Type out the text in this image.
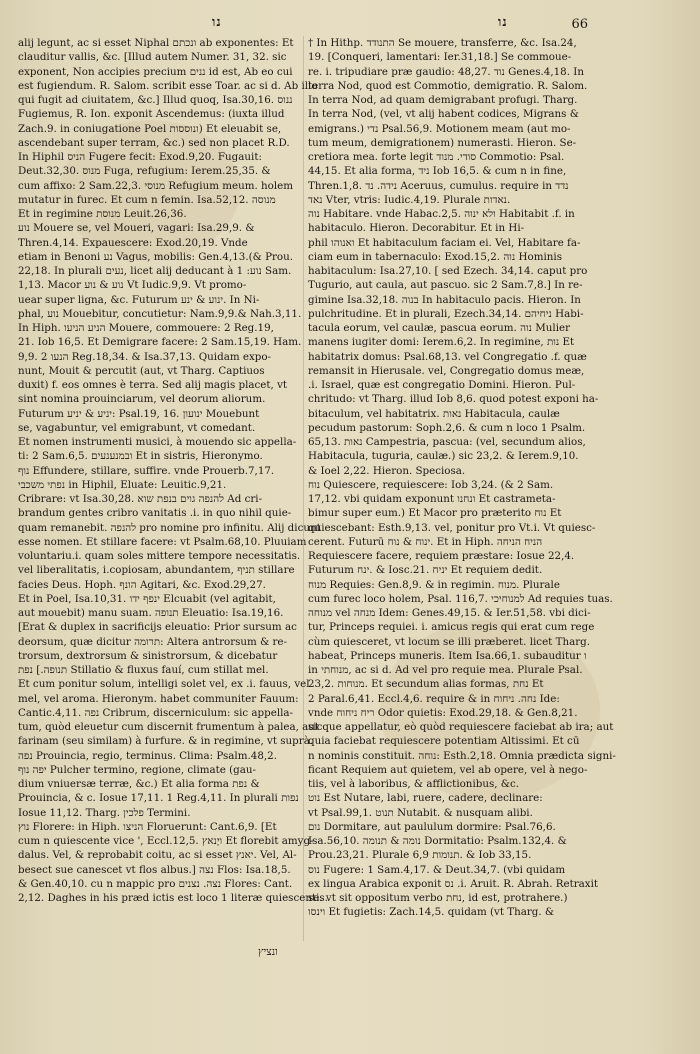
נו	נו	66
alij legunt, ac si esset Niphal ונכתם ab exponentes: Et
clauditur vallis, &c. [Illud autem Numer. 31, 32. sic
exponent, Non accipies precium ננים id est, Ab eo cui
est fugiendum. R. Salom. scribit esse Toar. ac si d. Ab illo
qui fugit ad ciuitatem, &c.] Illud quoq, Isa.30,16. ננוס
Fugiemus, R. Ion. exponit Ascendemus: (iuxta illud
Zach.9. in coniugatione Poel ונוססות) Et eleuabit se,
ascendebant super terram, &c.) sed non placet R.D.
In Hiphil הניס Fugere fecit: Exod.9,20. Fugauit:
Deut.32,30. מנוס Fuga, refugium: Ierem.25,35. &
cum affixo: 2 Sam.22,3. מנוסי Refugium meum. holem
mutatur in furec. Et cum n femin. Isa.52,12. מנוסה
Et in regimine מנוסת Leuit.26,36.
נוע Mouere se, vel Moueri, vagari: Isa.29,9. &
Thren.4,14. Expauescere: Exod.20,19. Vnde
etiam in Benoni נע Vagus, mobilis: Gen.4,13.(& Prou.
22,18. In plurali נעים, licet alij deducant à נוע: 1 Sam.
1,13. Macor נוע & נוע Vt Iudic.9,9. Vt promo-
uear super ligna, &c. Futurum ינוע & ינע. In Ni-
phal, נוע Mouebitur, concutietur: Nam.9,9.& Nah.3,11.
In Hiph. הניע הניעו Mouere, commouere: 2 Reg.19,
21. Iob 16,5. Et Demigrare facere: 2 Sam.15,19. Ham.
9,9. הנעו 2 Reg.18,34. & Isa.37,13. Quidam expo-
nunt, Mouit & percutit (aut, vt Tharg. Captiuos
duxit) f. eos omnes è terra. Sed alij magis placet, vt
sint nomina prouinciarum, vel deorum aliorum.
Futurum יניע & יניע: Psal.19, 16. ינועון Mouebunt
se, vagabuntur, vel emigrabunt, vt comedant.
Et nomen instrumenti musici, à mouendo sic appella-
ti: 2 Sam.6,5. ובמנענעים Et in sistris, Hieronymo.
נוף Effundere, stillare, suffire. vnde Prouerb.7,17.
נפתי משכבי in Hiphil, Eluate: Leuitic.9,21.
Cribrare: vt Isa.30,28. להנפה גוים בנפת שוא Ad cri-
brandum gentes cribro vanitatis .i. in quo nihil quie-
quam remanebit. להנפה pro nomine pro infinitu. Alij dicunt
esse nomen. Et stillare facere: vt Psalm.68,10. Pluuiam
voluntariu.i. quam soles mittere tempore necessitatis.
vel liberalitatis, i.copiosam, abundantem, תניף stillare
facies Deus. Hoph. הונף Agitari, &c. Exod.29,27.
Et in Poel, Isa.10,31. ינפף ידו Elcuabit (vel agitabit,
aut mouebit) manu suam. תנופה Eleuatio: Isa.19,16.
[Erat & duplex in sacrificijs eleuatio: Prior sursum ac
deorsum, quæ dicitur תרומה: Altera antrorsum & re-
trorsum, dextrorsum & sinistrorsum, & dicebatur
תנופה.] נפת Stillatio & fluxus fauí, cum stillat mel.
Et cum ponitur solum, intelligi solet vel, ex .i. fauus, vel
mel, vel aroma. Hieronym. habet communiter Fauum:
Cantic.4,11. נפה Cribrum, discerniculum: sic appella-
tum, quòd eleuetur cum discernit frumentum à palea, aut
farinam (seu similam) à furfure. & in regimine, vt suprà.
נפה Prouincia, regio, terminus. Clima: Psalm.48,2.
יפה נוף Pulcher termino, regione, climate (gau-
dium vniuersæ terræ, &c.) Et alia forma נפת &
Prouincia, & c. Iosue 17,11. 1 Reg.4,11. In plurali נפות
Iosue 11,12. Tharg. פלכין Termini.
נוץ Florere: in Hiph. הניצו Floruerunt: Cant.6,9. [Et
cum n quiescente vice ', Eccl.12,5. ויָנאץ Et florebit amyg-
dalus. Vel, & reprobabit coitu, ac si esset יאנץ. Vel, Al-
besect sue canescet vt flos albus.] נצה Flos: Isa.18,5.
& Gen.40,10. cu n mappic pro נצה. נצנים Flores: Cant.
2,12. Daghes in his præd ictis est loco 1 literæ quiescentis.
† In Hithp. התנודד Se mouere, transferre, &c. Isa.24,
19. [Conqueri, lamentari: Ier.31,18.] Se commoue-
re. i. tripudiare præ gaudio: 48,27. נוד Genes.4,18. In
terra Nod, quod est Commotio, demigratio. R. Salom.
In terra Nod, ad quam demigrabant profugi. Tharg.
In terra Nod, (vel, vt alij habent codices, Migrans &
emigrans.) נדי Psal.56,9. Motionem meam (aut mo-
tum meum, demigrationem) numerasti. Hieron. Se-
cretiora mea. forte legit סודי. מנוד Commotio: Psal.
44,15. Et alia forma, ניד Iob 16,5. & cum n in fine,
Thren.1,8. נידה. נד Aceruus, cumulus. require in נדד
נאד Vter, vtris: Iudic.4,19. Plurale נאדות.
נוה Habitare. vnde Habac.2,5. ולא ינוה Habitabit .f. in
habitaculo. Hieron. Decorabitur. Et in Hi-
phil ואנוהו Et habitaculum faciam ei. Vel, Habitare fa-
ciam eum in tabernaculo: Exod.15,2. נוה Hominis
habitaculum: Isa.27,10. [ sed Ezech. 34,14. caput pro
Tugurio, aut caula, aut pascuo. sic 2 Sam.7,8.] In re-
gimine Isa.32,18. בנוה In habitaculo pacis. Hieron. In
pulchritudine. Et in plurali, Ezech.34,14. ניחיהם Habi-
tacula eorum, vel caulæ, pascua eorum. נוה Mulier
manens iugiter domi: Ierem.6,2. In regimine, נות Et
habitatrix domus: Psal.68,13. vel Congregatio .f. quæ
remansit in Hierusale. vel, Congregatio domus meæ,
.i. Israel, quæ est congregatio Domini. Hieron. Pul-
chritudo: vt Tharg. illud Iob 8,6. quod potest exponi ha-
bitaculum, vel habitatrix. נאות Habitacula, caulæ
pecudum pastorum: Soph.2,6. & cum n loco 1 Psalm.
65,13. נאות Campestria, pascua: (vel, secundum alios,
Habitacula, tuguria, caulæ.) sic 23,2. & Ierem.9,10.
& Ioel 2,22. Hieron. Speciosa.
נוח Quiescere, requiescere: Iob 3,24. (& 2 Sam.
17,12. vbi quidam exponunt ונחנו Et castrameta-
bimur super eum.) Et Macor pro præterito נוח Et
quiescebant: Esth.9,13. vel, ponitur pro Vt.i. Vt quiesc-
cerent. Futurū ינוח & נוח. Et in Hiph. הניח הניחה
Requiescere facere, requiem præstare: Iosue 22,4.
Futurum ינח. & Iosc.21. יניח Et requiem dedit.
מנוח Requies: Gen.8,9. & in regimin. מנוח. Plurale
cum furec loco holem, Psal. 116,7. למנוחיכי Ad requies tuas.
מנוחה vel מנחה Idem: Genes.49,15. & Ier.51,58. vbi dici-
tur, Princeps requiei. i. amicus regis qui erat cum rege
cùm quiesceret, vt locum se illi præberet. licet Tharg.
habeat, Princeps muneris. Item Isa.66,1. subauditur ו
in מנוחתי, ac si d. Ad vel pro requie mea. Plurale Psal.
23,2. מנוחות. Et secundum alias formas, נחת Et
2 Paral.6,41. Eccl.4,6. require & in נחה. ניחוח Ide:
vnde ריח ניחוח Odor quietis: Exod.29,18. & Gen.8,21.
sicque appellatur, eò quòd requiescere faciebat ab ira; aut
quia faciebat requiescere potentiam Altissimi. Et cū
n nominis constituit. נוחה: Esth.2,18. Omnia prædicta signi-
ficant Requiem aut quietem, vel ab opere, vel à nego-
tiis, vel à laboribus, & afflictionibus, &c.
נוט Est Nutare, labi, ruere, cadere, declinare:
vt Psal.99,1. תנוט Nutabit. & nusquam alibi.
נום Dormitare, aut paululum dormire: Psal.76,6.
Isa.56,10. נומה & תנומה Dormitatio: Psalm.132,4. &
Prou.23,21. Plurale תנומות 6,9. & Iob 33,15.
נוס Fugere: 1 Sam.4,17. & Deut.34,7. (vbi quidam
ex lingua Arabica exponit נס .i. Aruit. R. Abrah. Retraxit
se. vt sit oppositum verbo נחת, id est, protrahere.)
וינסו Et fugietis: Zach.14,5. quidam (vt Tharg. &
ונציץ
